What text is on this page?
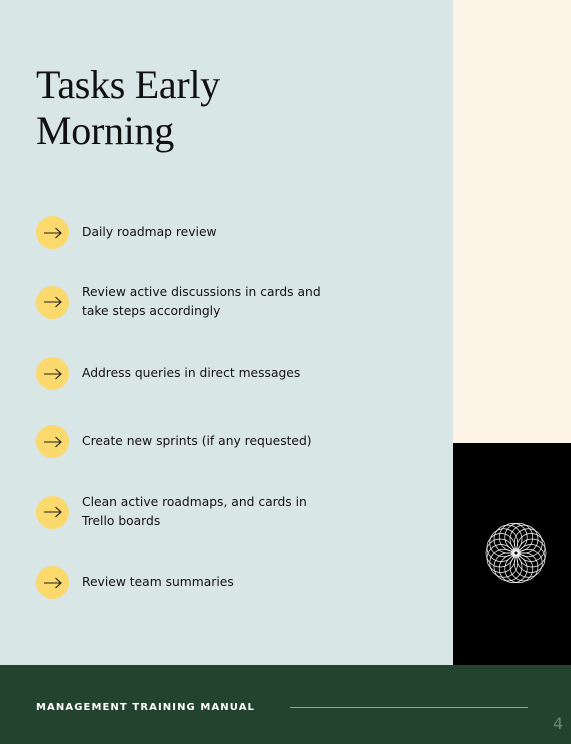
Tasks Early
Morning
Daily roadmap review
Review active discussions in cards and take steps accordingly
Address queries in direct messages
Create new sprints (if any requested)
Clean active roadmaps, and cards in Trello boards
Review team summaries
MANAGEMENT TRAINING MANUAL
4
